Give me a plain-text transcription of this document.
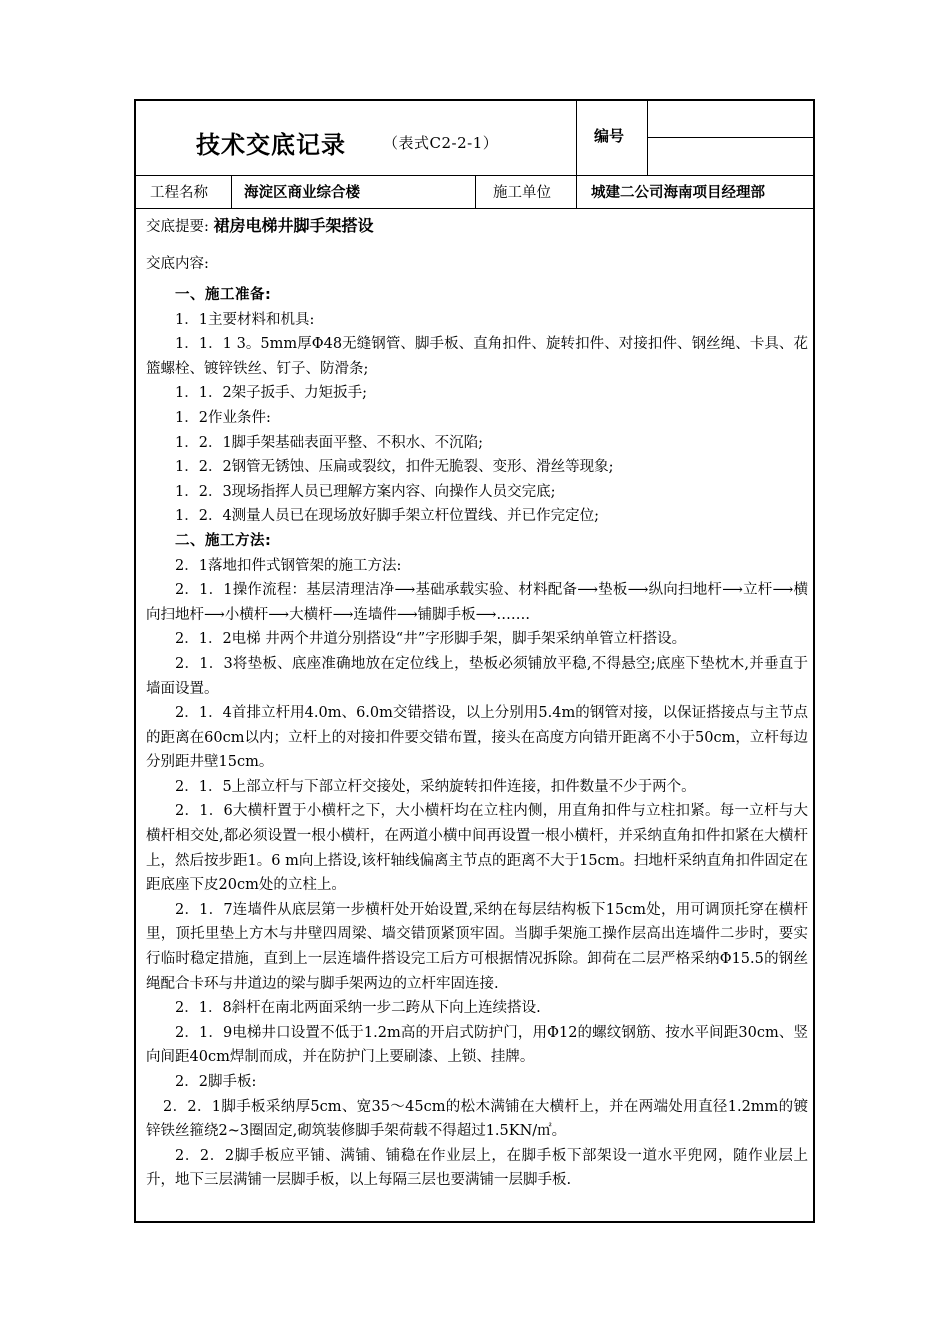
技术交底记录 （表式C2-2-1）	编号
工程名称 海淀区商业综合楼	施工单位	城建二公司海南项目经理部
交底提要: 裙房电梯井脚手架搭设
交底内容:

一、施工准备:

1．1主要材料和机具:

1．1．1 3。5mm厚Φ48无缝钢管、脚手板、直角扣件、旋转扣件、对接扣件、钢丝绳、卡具、花篮螺栓、镀锌铁丝、钉子、防滑条;

1．1．2架子扳手、力矩扳手;

1．2作业条件:

1．2．1脚手架基础表面平整、不积水、不沉陷;

1．2．2钢管无锈蚀、压扁或裂纹，扣件无脆裂、变形、滑丝等现象;

1．2．3现场指挥人员已理解方案内容、向操作人员交完底;

1．2．4测量人员已在现场放好脚手架立杆位置线、并已作完定位;

二、施工方法:

2．1落地扣件式钢管架的施工方法:

2．1．1操作流程：基层清理洁净⟶基础承载实验、材料配备⟶垫板⟶纵向扫地杆⟶立杆⟶横向扫地杆⟶小横杆⟶大横杆⟶连墙件⟶铺脚手板⟶…….

2．1．2电梯 井两个井道分别搭设“井”字形脚手架，脚手架采纳单管立杆搭设。

2．1．3将垫板、底座准确地放在定位线上，垫板必须铺放平稳,不得悬空;底座下垫枕木,并垂直于墙面设置。

2．1．4首排立杆用4.0m、6.0m交错搭设，以上分别用5.4m的钢管对接，以保证搭接点与主节点的距离在60cm以内；立杆上的对接扣件要交错布置，接头在高度方向错开距离不小于50cm，立杆每边分别距井壁15cm。

2．1．5上部立杆与下部立杆交接处，采纳旋转扣件连接，扣件数量不少于两个。

2．1．6大横杆置于小横杆之下，大小横杆均在立柱内侧，用直角扣件与立柱扣紧。每一立杆与大横杆相交处,都必须设置一根小横杆，在两道小横中间再设置一根小横杆，并采纳直角扣件扣紧在大横杆上，然后按步距1。6 m向上搭设,该杆轴线偏离主节点的距离不大于15cm。扫地杆采纳直角扣件固定在距底座下皮20cm处的立柱上。

2．1．7连墙件从底层第一步横杆处开始设置,采纳在每层结构板下15cm处，用可调顶托穿在横杆里，顶托里垫上方木与井壁四周梁、墙交错顶紧顶牢固。当脚手架施工操作层高出连墙件二步时，要实行临时稳定措施，直到上一层连墙件搭设完工后方可根据情况拆除。卸荷在二层严格采纳Φ15.5的钢丝绳配合卡环与井道边的梁与脚手架两边的立杆牢固连接.

2．1．8斜杆在南北两面采纳一步二跨从下向上连续搭设.

2．1．9电梯井口设置不低于1.2m高的开启式防护门，用Φ12的螺纹钢筋、按水平间距30cm、竖向间距40cm焊制而成，并在防护门上要刷漆、上锁、挂牌。

2．2脚手板:

2．2．1脚手板采纳厚5cm、宽35～45cm的松木满铺在大横杆上，并在两端处用直径1.2mm的镀锌铁丝箍绕2~3圈固定,砌筑装修脚手架荷载不得超过1.5KN/㎡。

2．2．2脚手板应平铺、满铺、铺稳在作业层上，在脚手板下部架设一道水平兜网，随作业层上升，地下三层满铺一层脚手板，以上每隔三层也要满铺一层脚手板.
